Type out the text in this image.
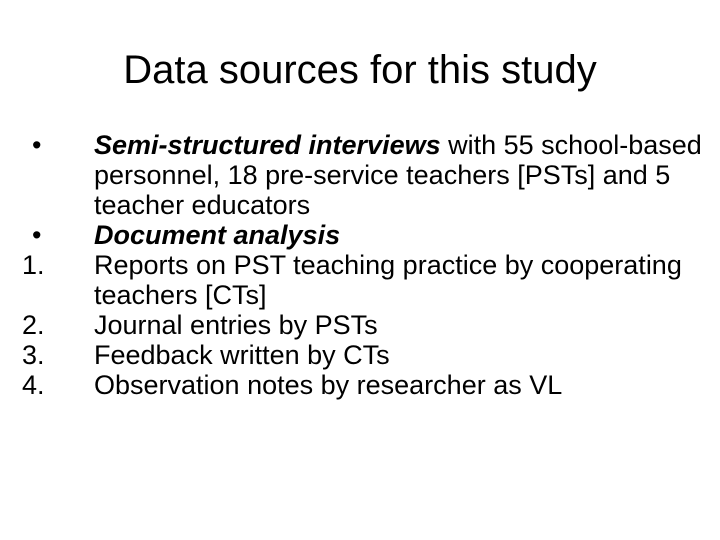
Data sources for this study
•	Semi-structured interviews with 55 school-based personnel, 18 pre-service teachers [PSTs] and 5 teacher educators
•	Document analysis
1.	Reports on PST teaching practice by cooperating teachers [CTs]
2.	Journal entries by PSTs
3.	Feedback written by CTs
4.	Observation notes by researcher as VL
